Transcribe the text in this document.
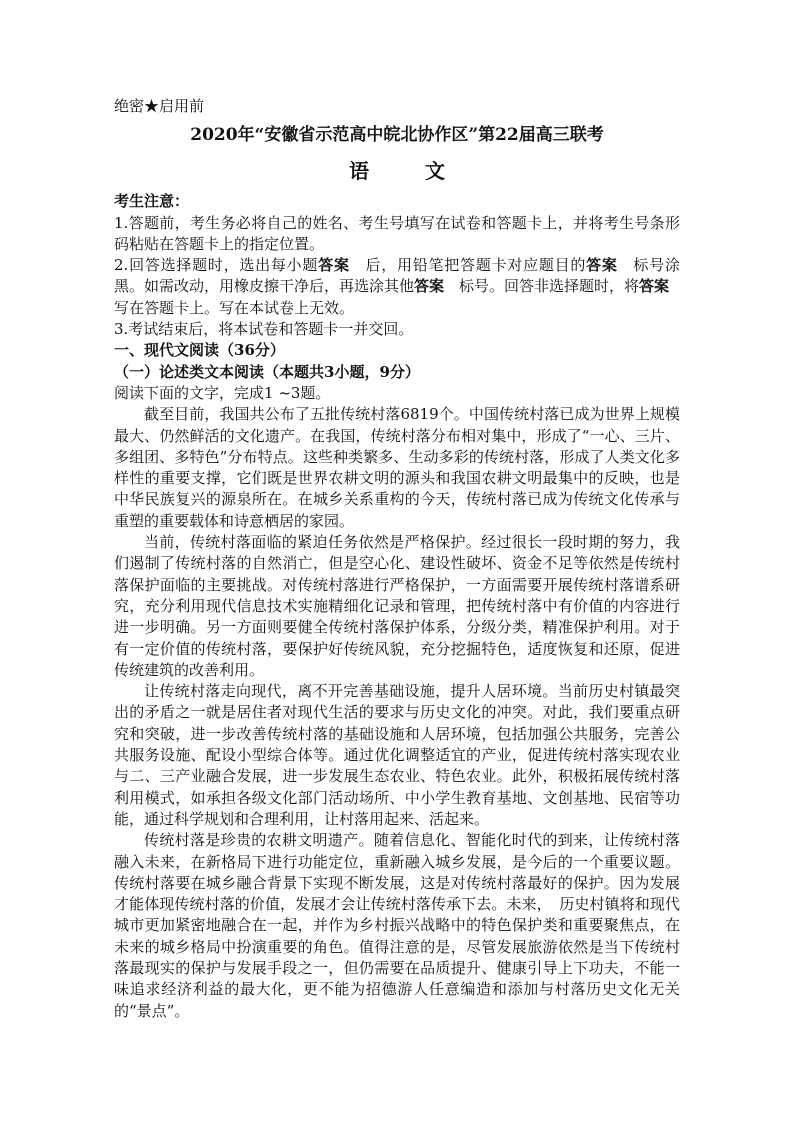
绝密★启用前
2020年“安徽省示范高中皖北协作区”第22届高三联考
语　文
考生注意：

1.答题前，考生务必将自己的姓名、考生号填写在试卷和答题卡上，并将考生号条形码粘贴在答题卡上的指定位置。

2.回答选择题时，选出每小题答案　后，用铅笔把答题卡对应题目的答案　标号涂黑。如需改动，用橡皮擦干净后，再选涂其他答案　标号。回答非选择题时，将答案　写在答题卡上。写在本试卷上无效。

3.考试结束后，将本试卷和答题卡一并交回。

一、现代文阅读（36分）
（一）论述类文本阅读（本题共3小题，9分）

阅读下面的文字，完成1 ~3题。

截至目前，我国共公布了五批传统村落6819个。中国传统村落已成为世界上规模最大、仍然鲜活的文化遗产。在我国，传统村落分布相对集中，形成了“一心、三片、多组团、多特色”分布特点。这些种类繁多、生动多彩的传统村落，形成了人类文化多样性的重要支撑，它们既是世界农耕文明的源头和我国农耕文明最集中的反映，也是中华民族复兴的源泉所在。在城乡关系重构的今天，传统村落已成为传统文化传承与重塑的重要载体和诗意栖居的家园。

当前，传统村落面临的紧迫任务依然是严格保护。经过很长一段时期的努力，我们遏制了传统村落的自然消亡，但是空心化、建设性破坏、资金不足等依然是传统村落保护面临的主要挑战。对传统村落进行严格保护，一方面需要开展传统村落谱系研究，充分利用现代信息技术实施精细化记录和管理，把传统村落中有价值的内容进行进一步明确。另一方面则要健全传统村落保护体系，分级分类，精准保护利用。对于有一定价值的传统村落，要保护好传统风貌，充分挖掘特色，适度恢复和还原，促进传统建筑的改善利用。

让传统村落走向现代，离不开完善基础设施，提升人居环境。当前历史村镇最突出的矛盾之一就是居住者对现代生活的要求与历史文化的冲突。对此，我们要重点研究和突破，进一步改善传统村落的基础设施和人居环境，包括加强公共服务，完善公共服务设施、配设小型综合体等。通过优化调整适宜的产业，促进传统村落实现农业与二、三产业融合发展，进一步发展生态农业、特色农业。此外，积极拓展传统村落利用模式，如承担各级文化部门活动场所、中小学生教育基地、文创基地、民宿等功能，通过科学规划和合理利用，让村落用起来、活起来。

传统村落是珍贵的农耕文明遗产。随着信息化、智能化时代的到来，让传统村落融入未来，在新格局下进行功能定位，重新融入城乡发展，是今后的一个重要议题。传统村落要在城乡融合背景下实现不断发展，这是对传统村落最好的保护。因为发展才能体现传统村落的价值，发展才会让传统村落传承下去。未来，　历史村镇将和现代城市更加紧密地融合在一起，并作为乡村振兴战略中的特色保护类和重要聚焦点，在未来的城乡格局中扮演重要的角色。值得注意的是，尽管发展旅游依然是当下传统村落最现实的保护与发展手段之一，但仍需要在品质提升、健康引导上下功夫，不能一味追求经济利益的最大化，更不能为招德游人任意编造和添加与村落历史文化无关的“景点”。
